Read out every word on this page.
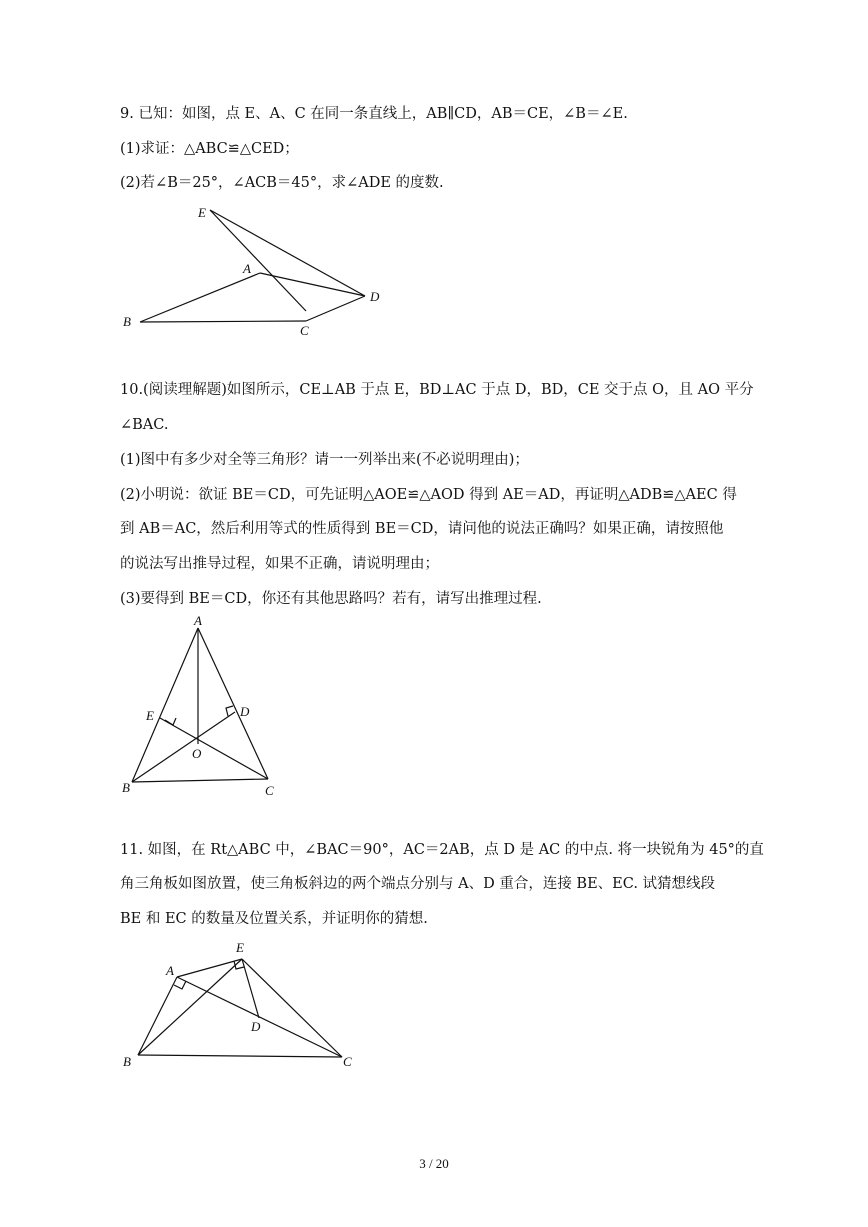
9. 已知：如图，点 E、A、C 在同一条直线上，AB∥CD，AB＝CE，∠B＝∠E.
(1)求证：△ABC≌△CED；
(2)若∠B＝25°，∠ACB＝45°，求∠ADE 的度数.
E
A
D
B
C
10.(阅读理解题)如图所示，CE⊥AB 于点 E，BD⊥AC 于点 D，BD，CE 交于点 O，且 AO 平分
∠BAC.
(1)图中有多少对全等三角形？请一一列举出来(不必说明理由)；
(2)小明说：欲证 BE＝CD，可先证明△AOE≌△AOD 得到 AE＝AD，再证明△ADB≌△AEC 得
到 AB＝AC，然后利用等式的性质得到 BE＝CD，请问他的说法正确吗？如果正确，请按照他
的说法写出推导过程，如果不正确，请说明理由；
(3)要得到 BE＝CD，你还有其他思路吗？若有，请写出推理过程.
A
E	D
O
B	C
11. 如图，在 Rt△ABC 中，∠BAC＝90°，AC＝2AB，点 D 是 AC 的中点. 将一块锐角为 45°的直
角三角板如图放置，使三角板斜边的两个端点分别与 A、D 重合，连接 BE、EC. 试猜想线段
BE 和 EC 的数量及位置关系，并证明你的猜想.
E
A
D
B	C
3 / 20
